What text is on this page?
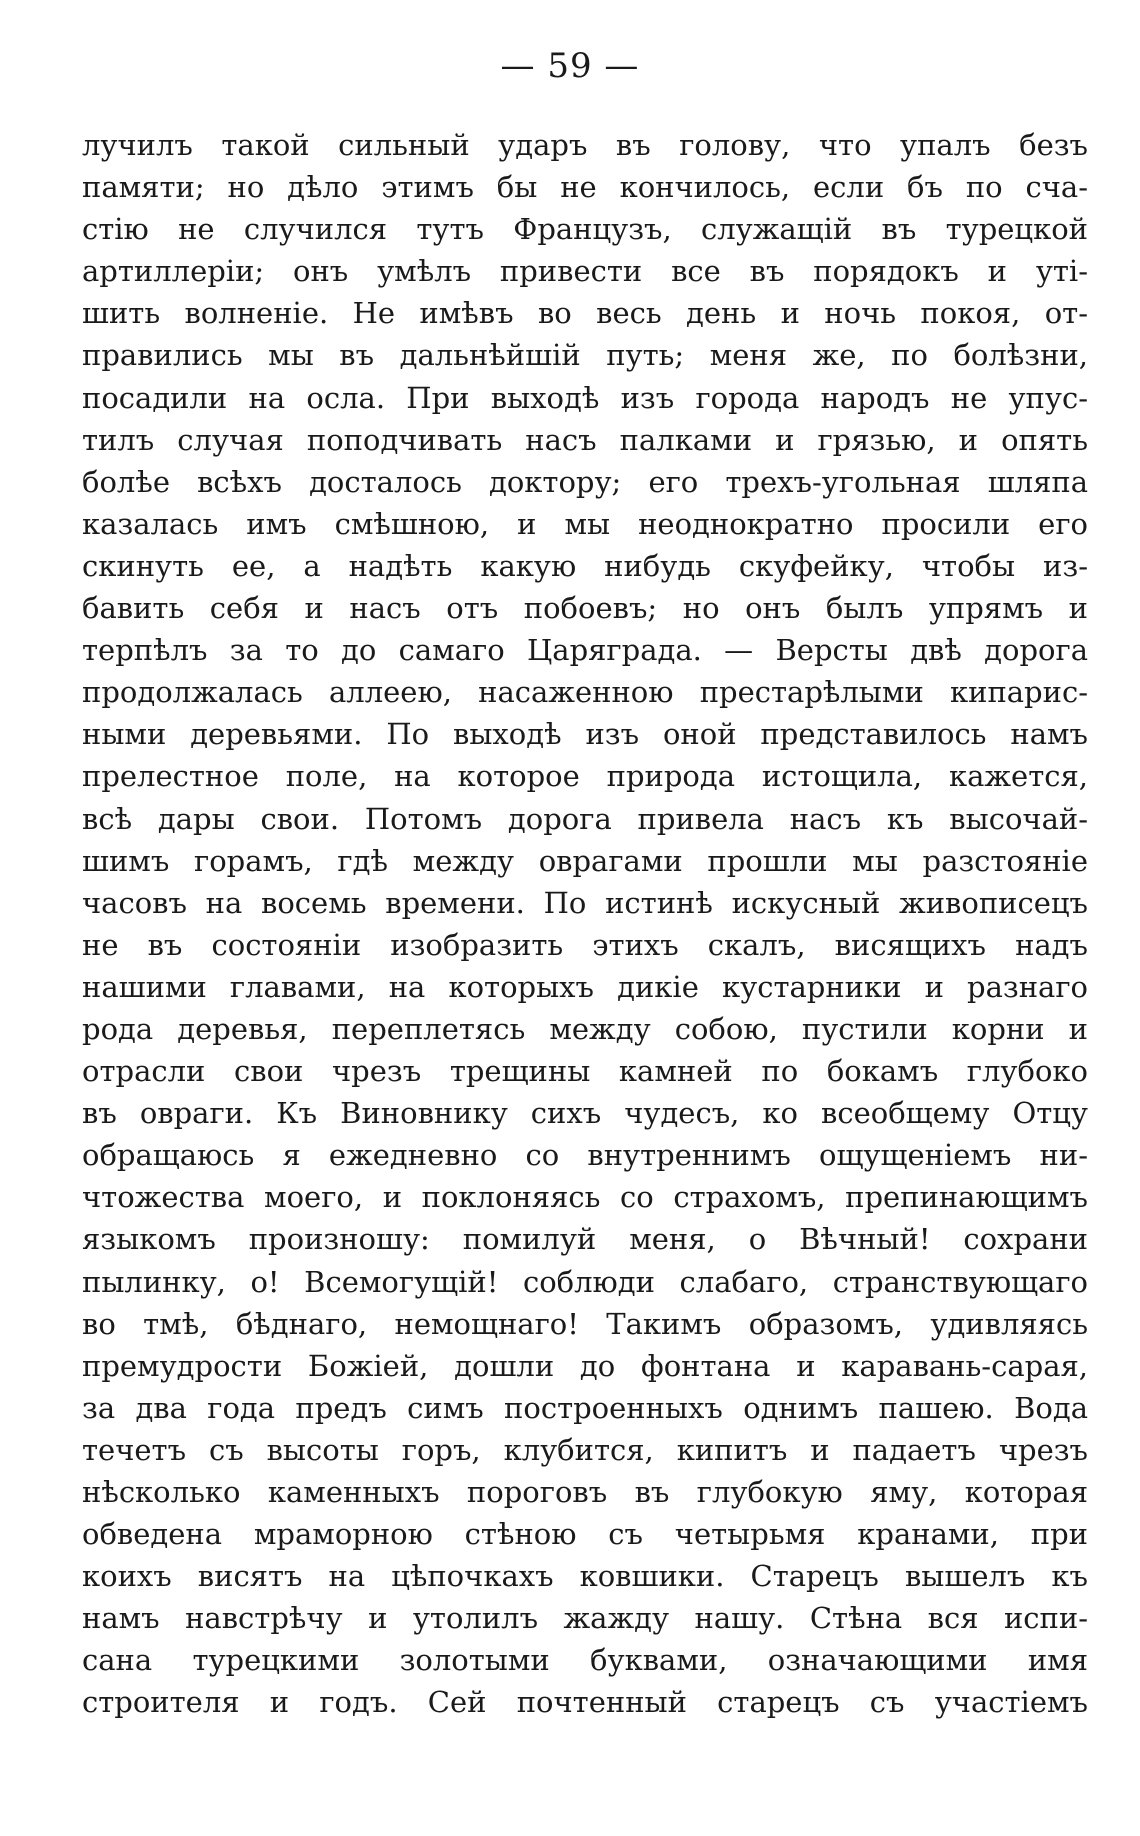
— 59 —
лучилъ такой сильный ударъ въ голову, что упалъ безъ
памяти; но дѣло этимъ бы не кончилось, если бъ по сча-
стію не случился тутъ Французъ, служащій въ турецкой
артиллеріи; онъ умѣлъ привести все въ порядокъ и уті-
шить волненіе. Не имѣвъ во весь день и ночь покоя, от-
правились мы въ дальнѣйшій путь; меня же, по болѣзни,
посадили на осла. При выходѣ изъ города народъ не упус-
тилъ случая поподчивать насъ палками и грязью, и опять
болѣе всѣхъ досталось доктору; его трехъ-угольная шляпа
казалась имъ смѣшною, и мы неоднократно просили его
скинуть ее, а надѣть какую нибудь скуфейку, чтобы из-
бавить себя и насъ отъ побоевъ; но онъ былъ упрямъ и
терпѣлъ за то до самаго Царяграда. — Версты двѣ дорога
продолжалась аллеею, насаженною престарѣлыми кипарис-
ными деревьями. По выходѣ изъ оной представилось намъ
прелестное поле, на которое природа истощила, кажется,
всѣ дары свои. Потомъ дорога привела насъ къ высочай-
шимъ горамъ, гдѣ между оврагами прошли мы разстояніе
часовъ на восемь времени. По истинѣ искусный живописецъ
не въ состояніи изобразить этихъ скалъ, висящихъ надъ
нашими главами, на которыхъ дикіе кустарники и разнаго
рода деревья, переплетясь между собою, пустили корни и
отрасли свои чрезъ трещины камней по бокамъ глубоко
въ овраги. Къ Виновнику сихъ чудесъ, ко всеобщему Отцу
обращаюсь я ежедневно со внутреннимъ ощущеніемъ ни-
чтожества моего, и поклоняясь со страхомъ, препинающимъ
языкомъ произношу: помилуй меня, о Вѣчный! сохрани
пылинку, о! Всемогущій! соблюди слабаго, странствующаго
во тмѣ, бѣднаго, немощнаго! Такимъ образомъ, удивляясь
премудрости Божіей, дошли до фонтана и каравань-сарая,
за два года предъ симъ построенныхъ однимъ пашею. Вода
течетъ съ высоты горъ, клубится, кипитъ и падаетъ чрезъ
нѣсколько каменныхъ пороговъ въ глубокую яму, которая
обведена мраморною стѣною съ четырьмя кранами, при
коихъ висятъ на цѣпочкахъ ковшики. Старецъ вышелъ къ
намъ навстрѣчу и утолилъ жажду нашу. Стѣна вся испи-
сана турецкими золотыми буквами, означающими имя
строителя и годъ. Сей почтенный старецъ съ участіемъ
